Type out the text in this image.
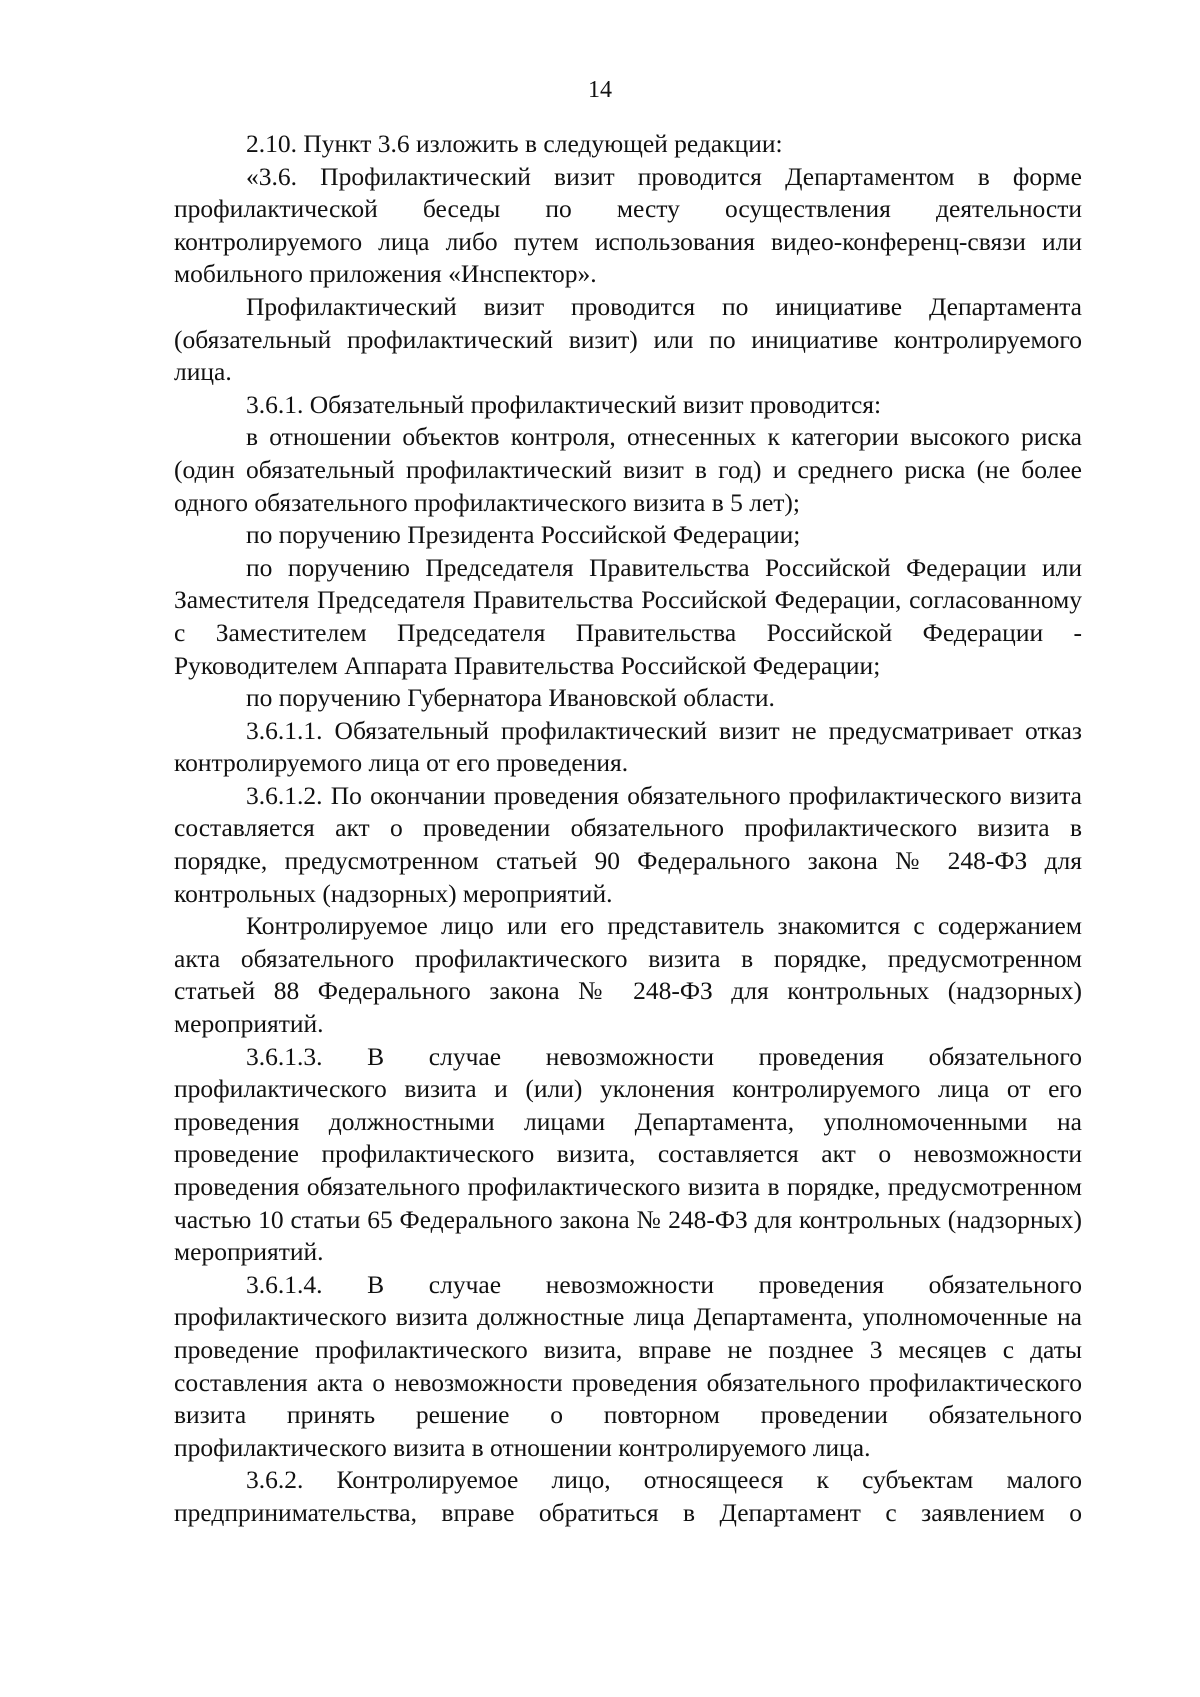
14

2.10. Пункт 3.6 изложить в следующей редакции:

«3.6. Профилактический визит проводится Департаментом в форме профилактической беседы по месту осуществления деятельности контролируемого лица либо путем использования видео-конференц-связи или мобильного приложения «Инспектор».

Профилактический визит проводится по инициативе Департамента (обязательный профилактический визит) или по инициативе контролируемого лица.

3.6.1. Обязательный профилактический визит проводится:

в отношении объектов контроля, отнесенных к категории высокого риска (один обязательный профилактический визит в год) и среднего риска (не более одного обязательного профилактического визита в 5 лет);

по поручению Президента Российской Федерации;

по поручению Председателя Правительства Российской Федерации или Заместителя Председателя Правительства Российской Федерации, согласованному с Заместителем Председателя Правительства Российской Федерации - Руководителем Аппарата Правительства Российской Федерации;

по поручению Губернатора Ивановской области.

3.6.1.1. Обязательный профилактический визит не предусматривает отказ контролируемого лица от его проведения.

3.6.1.2. По окончании проведения обязательного профилактического визита составляется акт о проведении обязательного профилактического визита в порядке, предусмотренном статьей 90 Федерального закона № 248-ФЗ для контрольных (надзорных) мероприятий.

Контролируемое лицо или его представитель знакомится с содержанием акта обязательного профилактического визита в порядке, предусмотренном статьей 88 Федерального закона № 248-ФЗ для контрольных (надзорных) мероприятий.

3.6.1.3. В случае невозможности проведения обязательного профилактического визита и (или) уклонения контролируемого лица от его проведения должностными лицами Департамента, уполномоченными на проведение профилактического визита, составляется акт о невозможности проведения обязательного профилактического визита в порядке, предусмотренном частью 10 статьи 65 Федерального закона № 248-ФЗ для контрольных (надзорных) мероприятий.

3.6.1.4. В случае невозможности проведения обязательного профилактического визита должностные лица Департамента, уполномоченные на проведение профилактического визита, вправе не позднее 3 месяцев с даты составления акта о невозможности проведения обязательного профилактического визита принять решение о повторном проведении обязательного профилактического визита в отношении контролируемого лица.

3.6.2. Контролируемое лицо, относящееся к субъектам малого предпринимательства, вправе обратиться в Департамент с заявлением о
